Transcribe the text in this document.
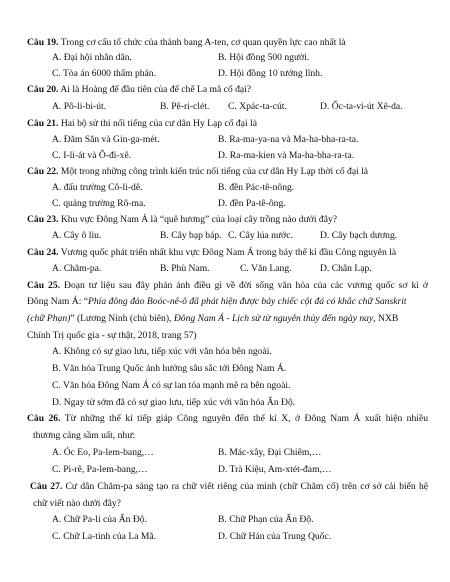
Câu 19. Trong cơ cấu tổ chức của thành bang A-ten, cơ quan quyền lực cao nhất là
A. Đại hội nhân dân.	B. Hội đồng 500 người.
C. Tòa án 6000 thẩm phán.	D. Hội đồng 10 tướng lĩnh.
Câu 20. Ai là Hoàng đế đầu tiên của đế chế La mã cổ đại?
A. Pô-li-bi-út.	B. Pê-ri-clét. C. Xpác-ta-cút.	D. Ốc-ta-vi-út Xê-da.
Câu 21. Hai bộ sử thi nổi tiếng của cư dân Hy Lạp cổ đại là
A. Đăm Săn và Gin-ga-mét.	B. Ra-ma-ya-na và Ma-ha-bha-ra-ta.
C. I-li-át và Ô-đi-xê.	D. Ra-ma-kien và Ma-ha-bha-ra-ta.
Câu 22. Một trong những công trình kiến trúc nổi tiếng của cư dân Hy Lạp thời cổ đại là
A. đấu trường Cô-li-dê.	B. đền Pác-tê-nông.
C. quảng trường Rô-ma.	D. đền Pa-tê-ông.
Câu 23. Khu vực Đông Nam Á là “quê hương” của loại cây trồng nào dưới đây?
A. Cây ô liu.	B. Cây bạp báp. C. Cây lúa nước.	D. Cây bạch dương.
Câu 24. Vương quốc phát triển nhất khu vực Đông Nam Á trong bảy thế kỉ đầu Công nguyên là
A. Chăm-pa.	B. Phù Nam.	C. Văn Lang.	D. Chân Lạp.
Câu 25. Đoạn tư liệu sau đây phản ánh điều gì về đời sống văn hóa của các vương quốc sơ kì ở
Đông Nam Á: “Phía đông đảo Boóc-nê-ô đã phát hiện được bảy chiếc cột đá có khắc chữ Sanskrit
(chữ Phạn)” (Lương Ninh (chủ biên), Đông Nam Á - Lịch sử từ nguyên thủy đến ngày nay, NXB
Chính Trị quốc gia - sự thật, 2018, trang 57)
A. Không có sự giao lưu, tiếp xúc với văn hóa bên ngoài.
B. Văn hóa Trung Quốc ảnh hưởng sâu sắc tới Đông Nam Á.
C. Văn hóa Đông Nam Á có sự lan tỏa mạnh mẽ ra bên ngoài.
D. Ngay từ sớm đã có sự giao lưu, tiếp xúc với văn hóa Ấn Độ.
Câu 26. Từ những thế kỉ tiếp giáp Công nguyên đến thế kỉ X, ở Đông Nam Á xuất hiện nhiều
thương cảng sầm uất, như:
A. Óc Eo, Pa-lem-bang,…	B. Mác-xây, Đại Chiêm,…
C. Pi-rê, Pa-lem-bang,…	D. Trà Kiệu, Am-xtét-đam,…
Câu 27. Cư dân Chăm-pa sáng tạo ra chữ viết riêng của mình (chữ Chăm cổ) trên cơ sở cải biến hệ
chữ viết nào dưới đây?
A. Chữ Pa-li của Ấn Độ.	B. Chữ Phạn của Ấn Độ.
C. Chữ La-tinh của La Mã.	D. Chữ Hán của Trung Quốc.
